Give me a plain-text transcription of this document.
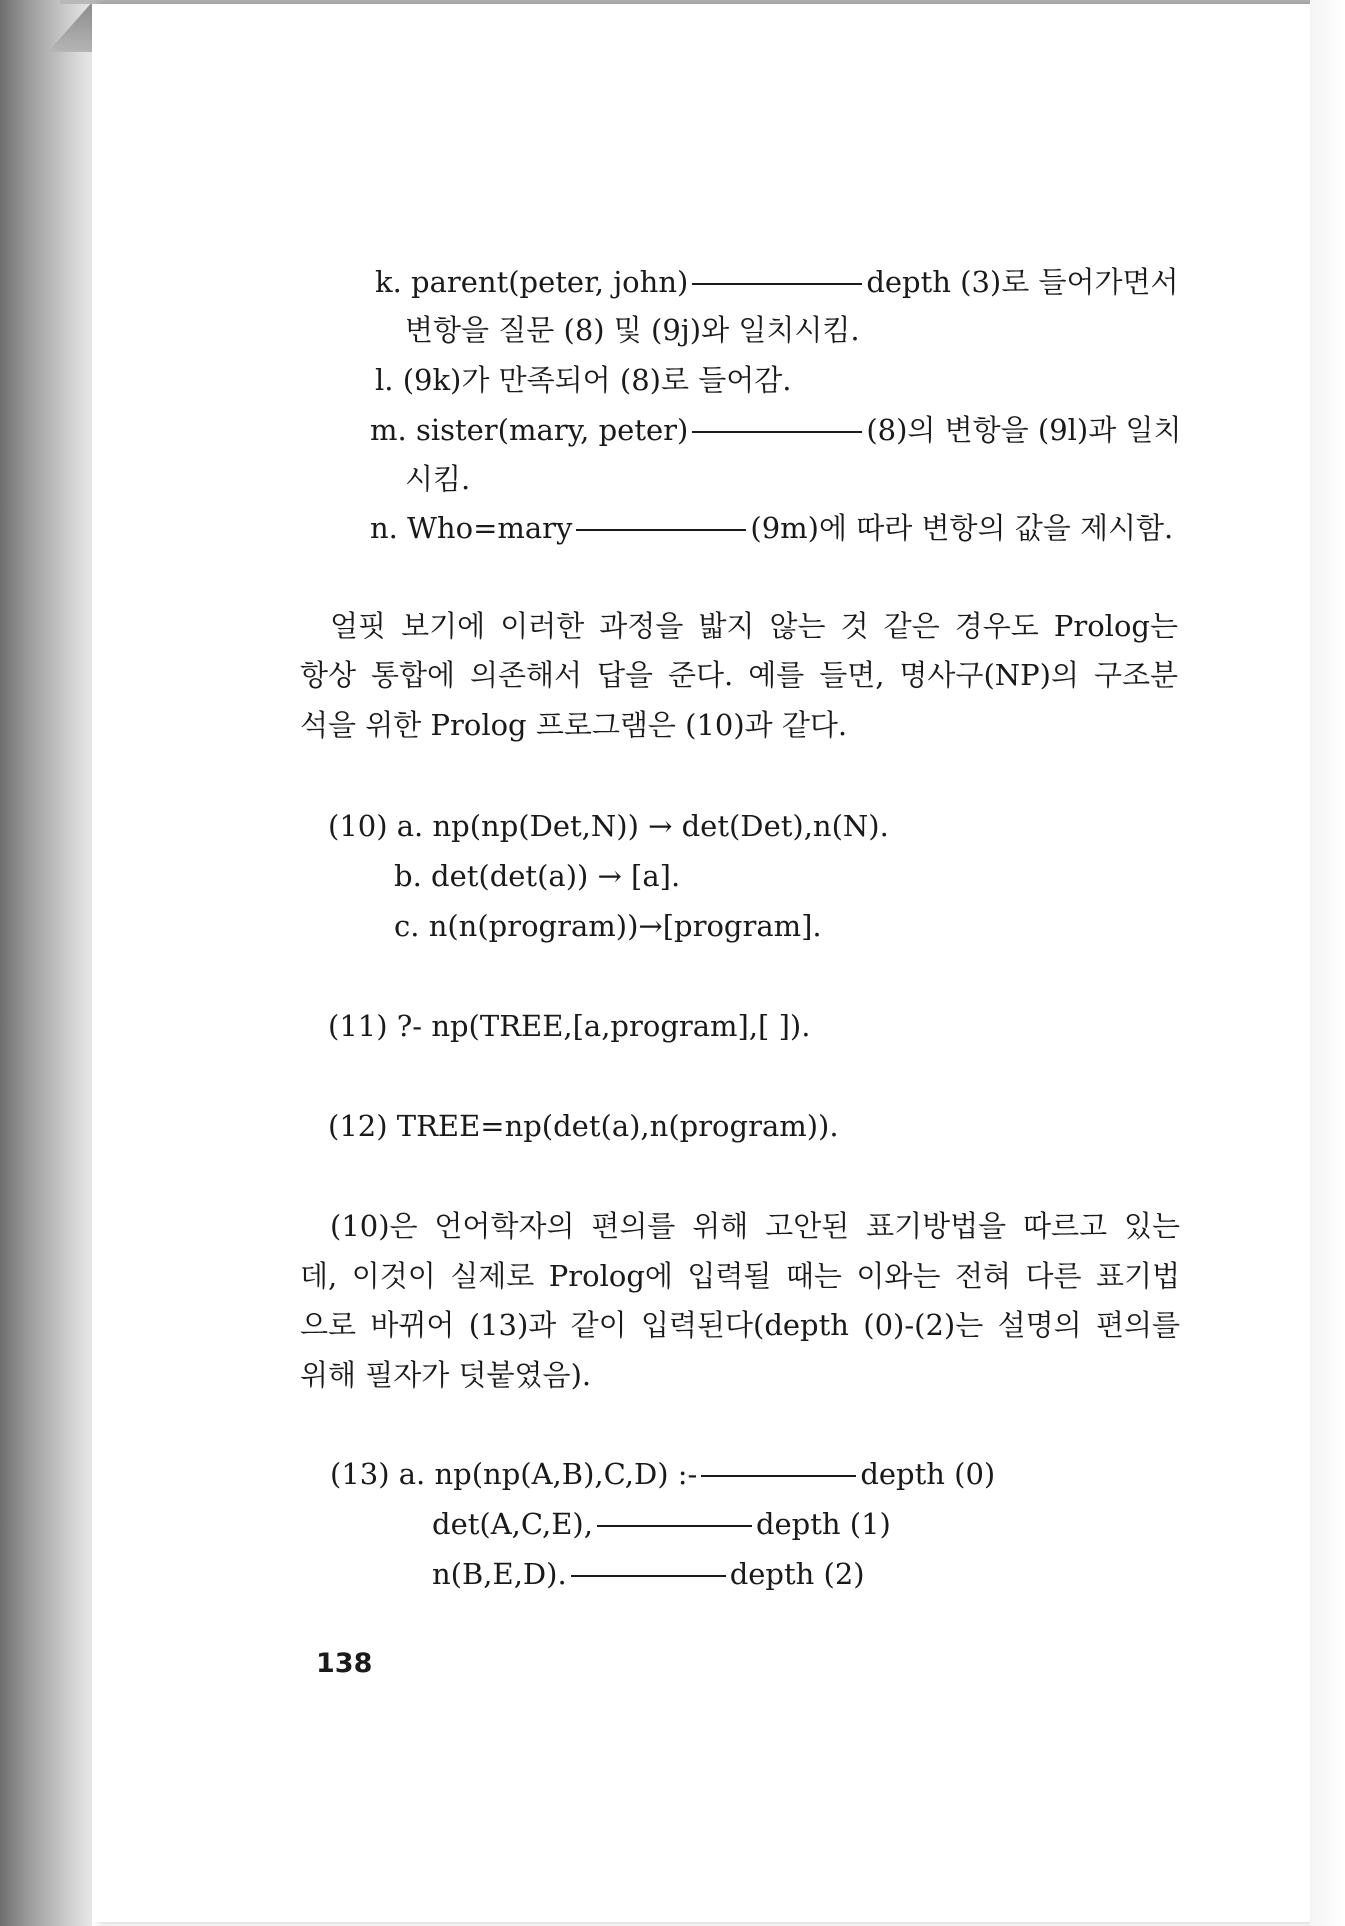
k. parent(peter, john)	depth (3)로 들어가면서
변항을 질문 (8) 및 (9j)와 일치시킴.
l. (9k)가 만족되어 (8)로 들어감.
m. sister(mary, peter)	(8)의 변항을 (9l)과 일치
시킴.
n. Who=mary	(9m)에 따라 변항의 값을 제시함.
얼핏 보기에 이러한 과정을 밟지 않는 것 같은 경우도 Prolog는
항상 통합에 의존해서 답을 준다. 예를 들면, 명사구(NP)의 구조분
석을 위한 Prolog 프로그램은 (10)과 같다.
(10) a. np(np(Det,N)) → det(Det),n(N).
b. det(det(a)) → [a].
c. n(n(program))→[program].
(11) ?- np(TREE,[a,program],[ ]).
(12) TREE=np(det(a),n(program)).
(10)은 언어학자의 편의를 위해 고안된 표기방법을 따르고 있는
데, 이것이 실제로 Prolog에 입력될 때는 이와는 전혀 다른 표기법
으로 바뀌어 (13)과 같이 입력된다(depth (0)-(2)는 설명의 편의를
위해 필자가 덧붙였음).
(13) a. np(np(A,B),C,D) :-	depth (0)
det(A,C,E),	depth (1)
n(B,E,D).	depth (2)
138
